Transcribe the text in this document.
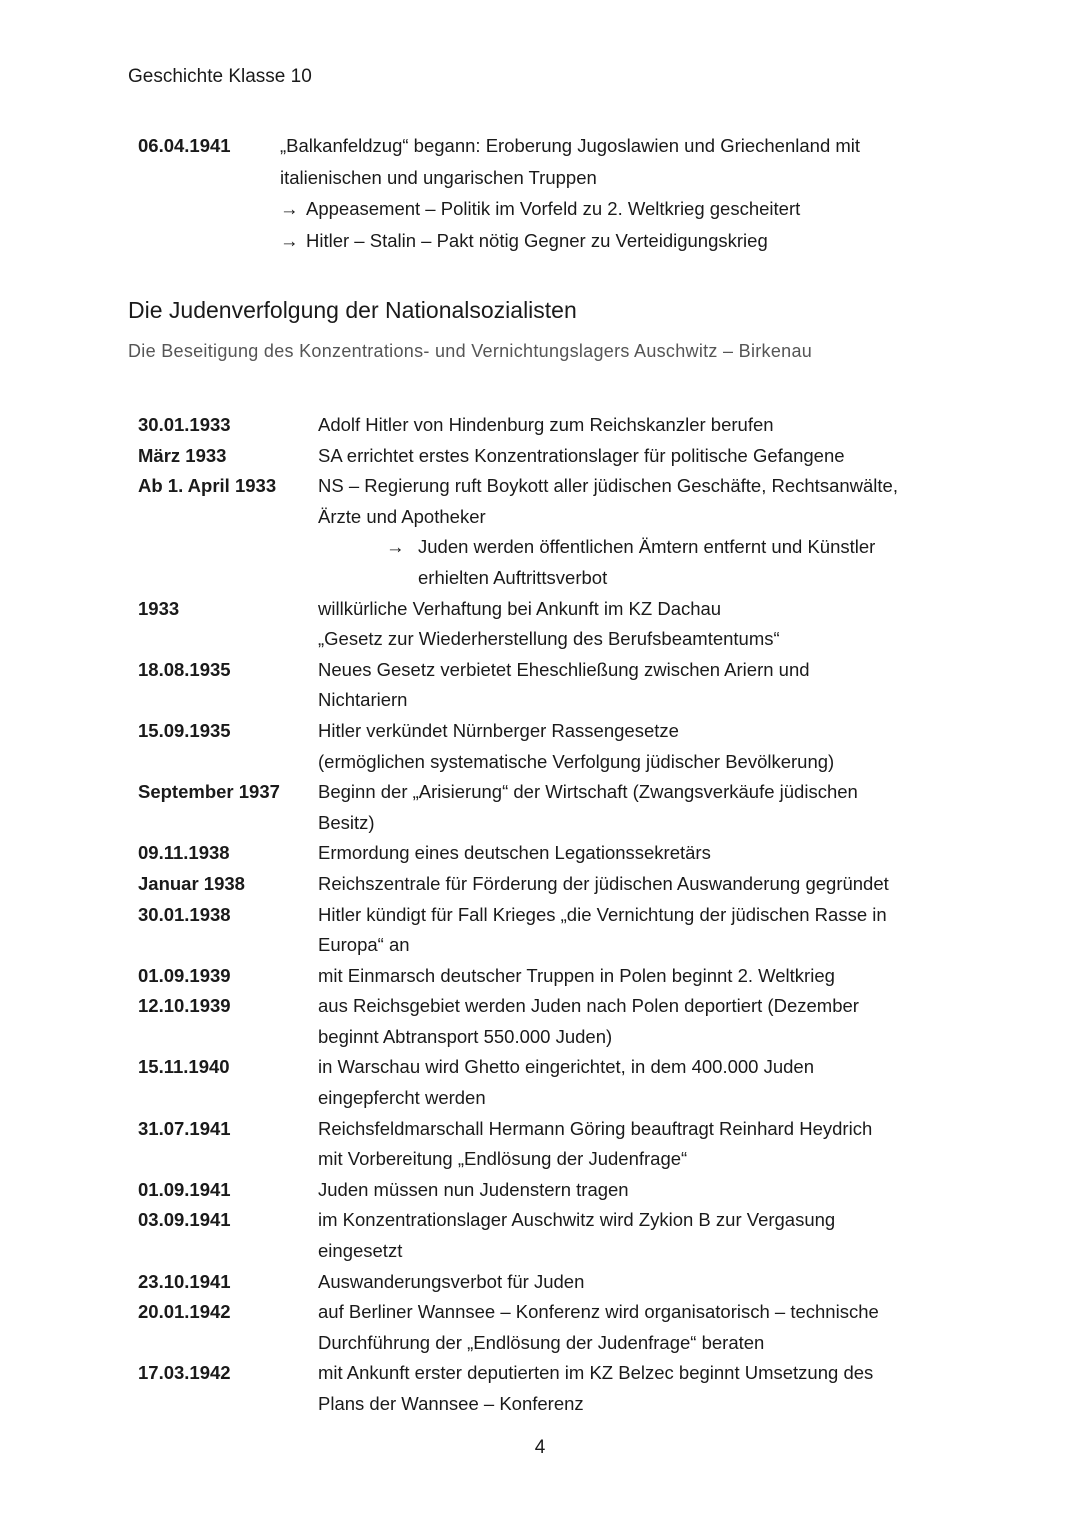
Geschichte Klasse 10
06.04.1941	„Balkanfeldzug“ begann: Eroberung Jugoslawien und Griechenland mit
italienischen und ungarischen Truppen
→ Appeasement – Politik im Vorfeld zu 2. Weltkrieg gescheitert
→ Hitler – Stalin – Pakt nötig Gegner zu Verteidigungskrieg
Die Judenverfolgung der Nationalsozialisten
Die Beseitigung des Konzentrations- und Vernichtungslagers Auschwitz – Birkenau
30.01.1933	Adolf Hitler von Hindenburg zum Reichskanzler berufen
März 1933	SA errichtet erstes Konzentrationslager für politische Gefangene
Ab 1. April 1933	NS – Regierung ruft Boykott aller jüdischen Geschäfte, Rechtsanwälte,
Ärzte und Apotheker
→ Juden werden öffentlichen Ämtern entfernt und Künstler
erhielten Auftrittsverbot
1933	willkürliche Verhaftung bei Ankunft im KZ Dachau
„Gesetz zur Wiederherstellung des Berufsbeamtentums“
18.08.1935	Neues Gesetz verbietet Eheschließung zwischen Ariern und
Nichtariern
15.09.1935	Hitler verkündet Nürnberger Rassengesetze
(ermöglichen systematische Verfolgung jüdischer Bevölkerung)
September 1937	Beginn der „Arisierung“ der Wirtschaft (Zwangsverkäufe jüdischen
Besitz)
09.11.1938	Ermordung eines deutschen Legationssekretärs
Januar 1938	Reichszentrale für Förderung der jüdischen Auswanderung gegründet
30.01.1938	Hitler kündigt für Fall Krieges „die Vernichtung der jüdischen Rasse in
Europa“ an
01.09.1939	mit Einmarsch deutscher Truppen in Polen beginnt 2. Weltkrieg
12.10.1939	aus Reichsgebiet werden Juden nach Polen deportiert (Dezember
beginnt Abtransport 550.000 Juden)
15.11.1940	in Warschau wird Ghetto eingerichtet, in dem 400.000 Juden
eingepfercht werden
31.07.1941	Reichsfeldmarschall Hermann Göring beauftragt Reinhard Heydrich
mit Vorbereitung „Endlösung der Judenfrage“
01.09.1941	Juden müssen nun Judenstern tragen
03.09.1941	im Konzentrationslager Auschwitz wird Zykion B zur Vergasung
eingesetzt
23.10.1941	Auswanderungsverbot für Juden
20.01.1942	auf Berliner Wannsee – Konferenz wird organisatorisch – technische
Durchführung der „Endlösung der Judenfrage“ beraten
17.03.1942	mit Ankunft erster deputierten im KZ Belzec beginnt Umsetzung des
Plans der Wannsee – Konferenz
4
